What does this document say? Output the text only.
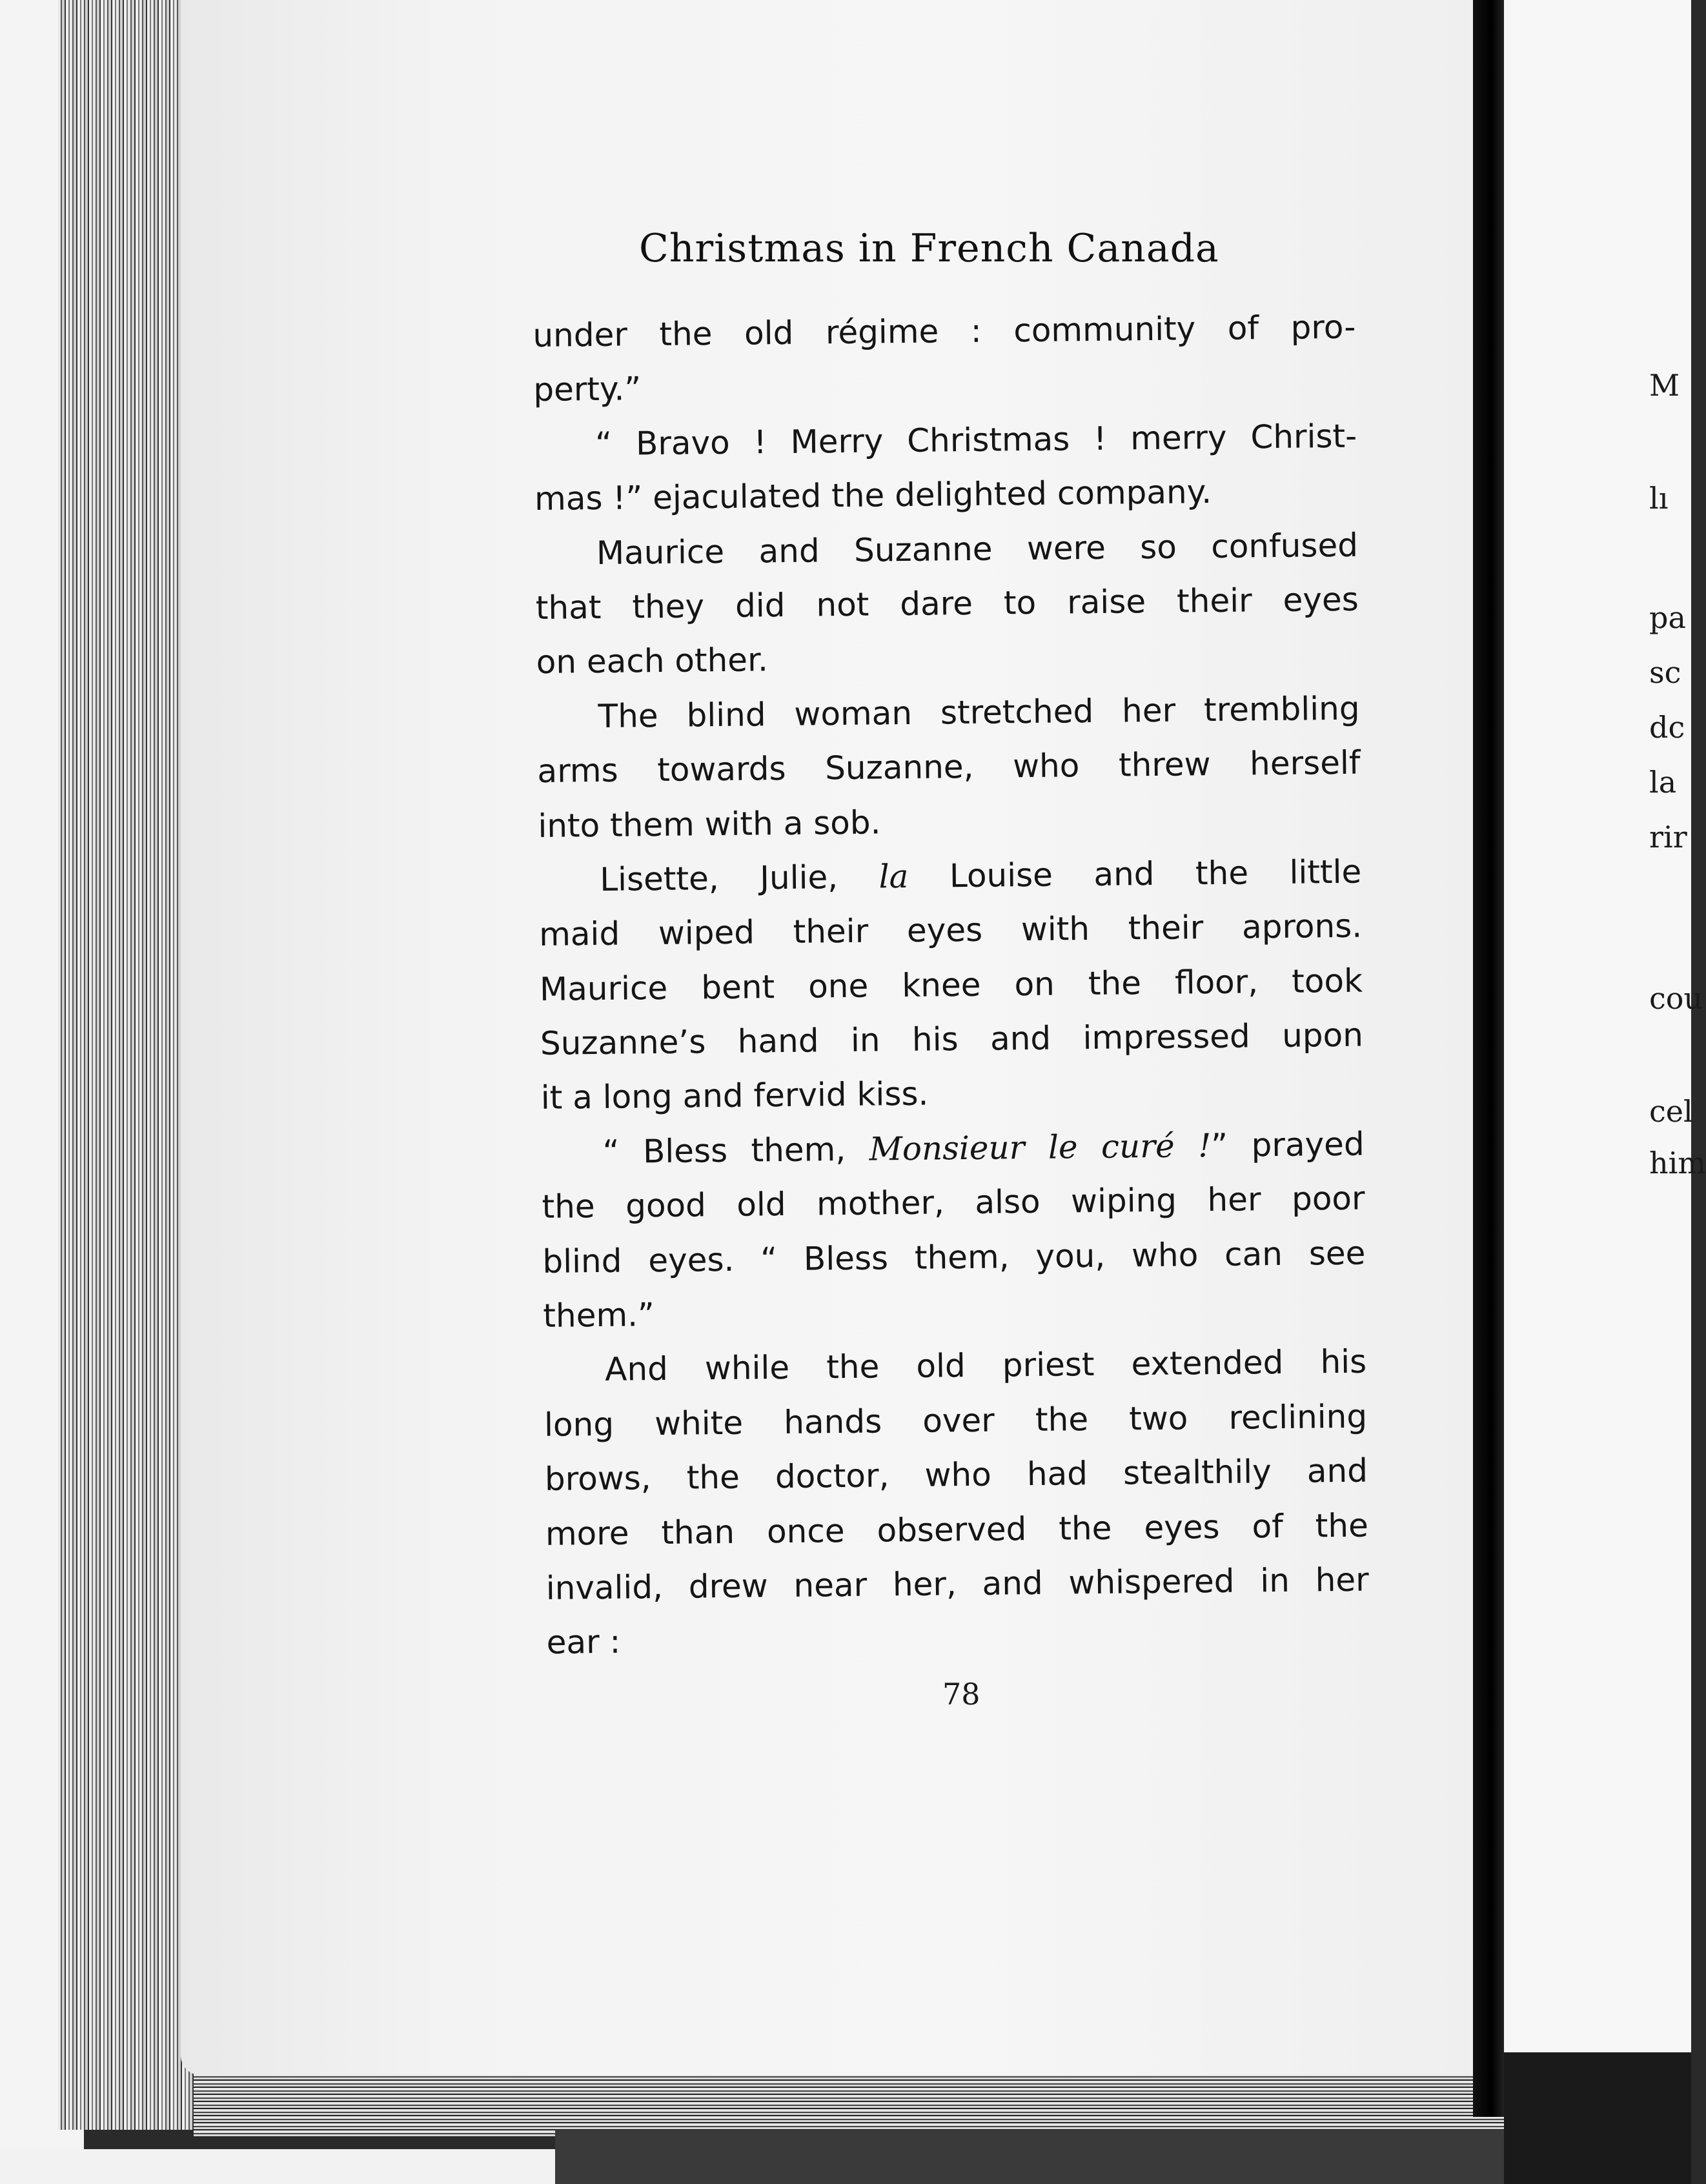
Christmas in French Canada
under the old régime : community of pro-
perty.”
“ Bravo ! Merry Christmas ! merry Christ-
mas !” ejaculated the delighted company.
Maurice and Suzanne were so confused
that they did not dare to raise their eyes
on each other.
The blind woman stretched her trembling
arms towards Suzanne, who threw herself
into them with a sob.
Lisette, Julie, la Louise and the little
maid wiped their eyes with their aprons.
Maurice bent one knee on the floor, took
Suzanne’s hand in his and impressed upon
it a long and fervid kiss.
“ Bless them, Monsieur le curé !” prayed
the good old mother, also wiping her poor
blind eyes. “ Bless them, you, who can see
them.”
And while the old priest extended his
long white hands over the two reclining
brows, the doctor, who had stealthily and
more than once observed the eyes of the
invalid, drew near her, and whispered in her
ear :
78
M
lı
pa
sc
dc
la
rir
cou
cel
him
